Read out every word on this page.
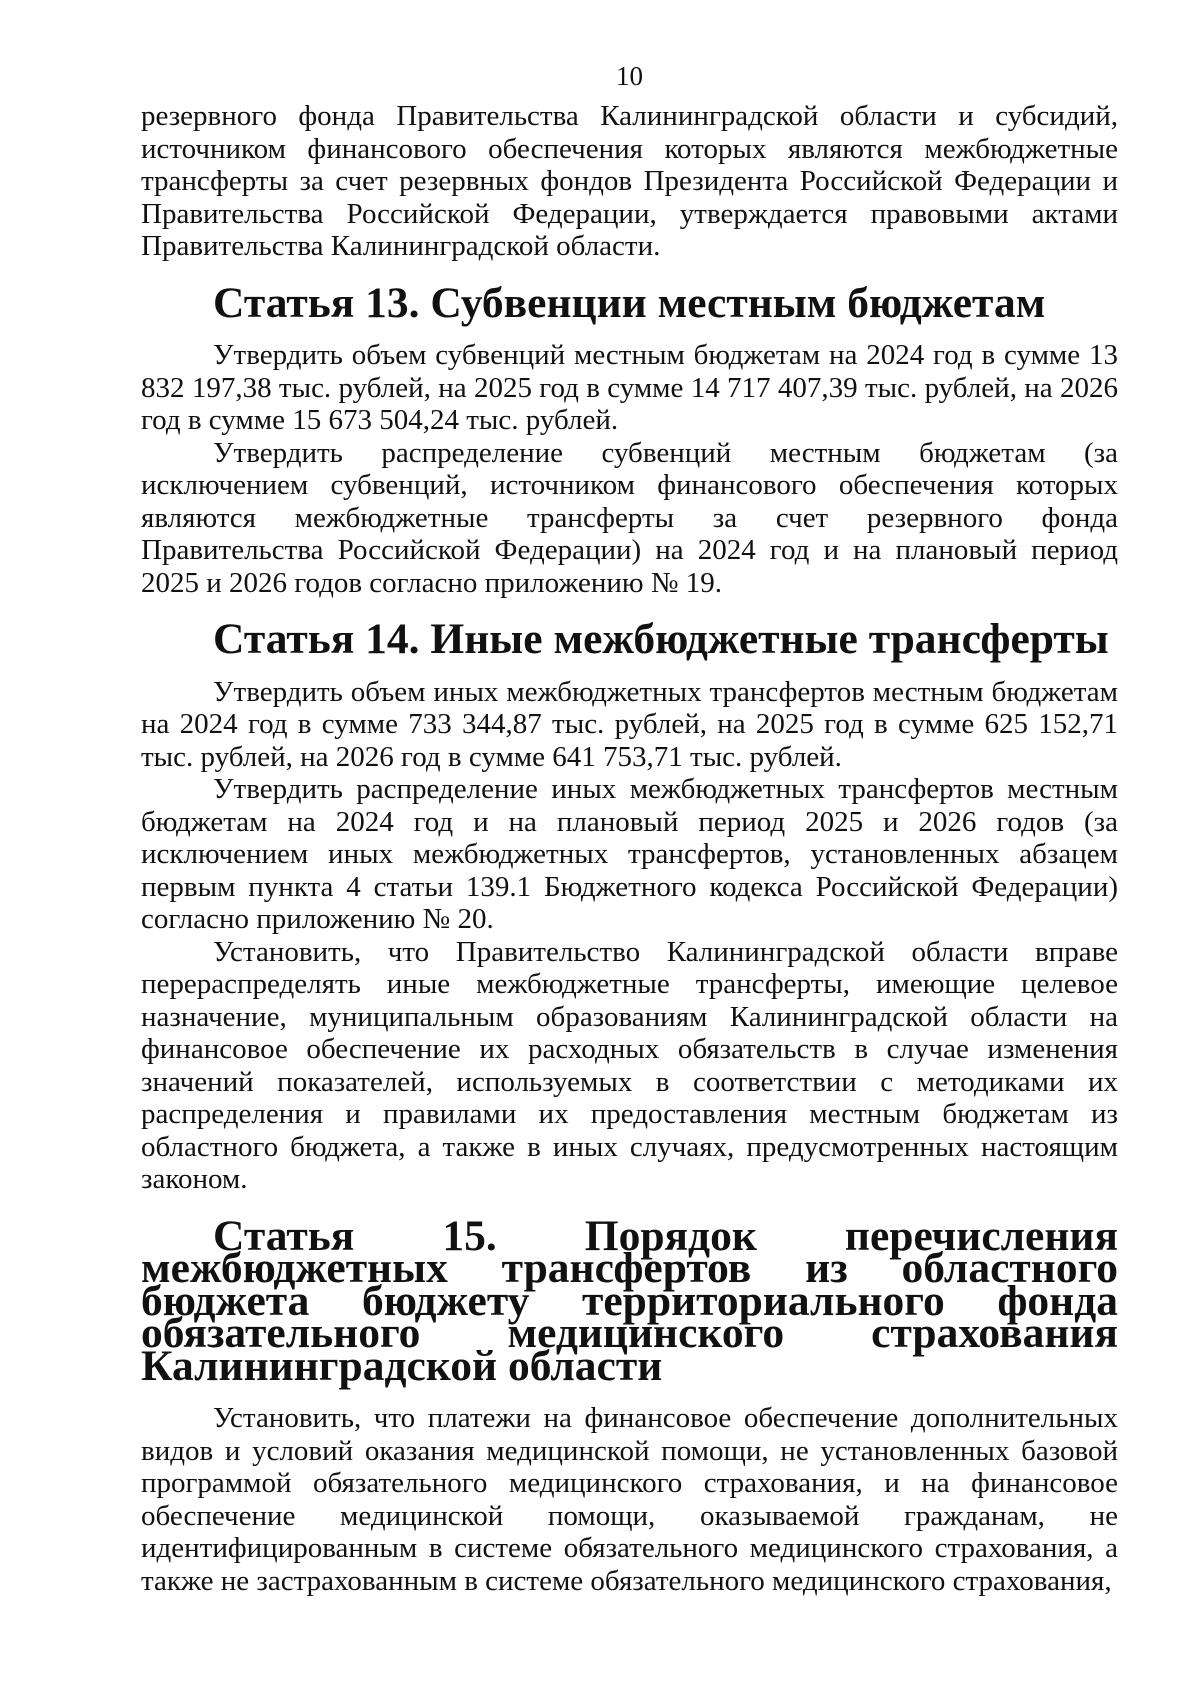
10

резервного фонда Правительства Калининградской области и субсидий, источником финансового обеспечения которых являются межбюджетные трансферты за счет резервных фондов Президента Российской Федерации и Правительства Российской Федерации, утверждается правовыми актами Правительства Калининградской области.

Статья 13. Субвенции местным бюджетам

Утвердить объем субвенций местным бюджетам на 2024 год в сумме 13 832 197,38 тыс. рублей, на 2025 год в сумме 14 717 407,39 тыс. рублей, на 2026 год в сумме 15 673 504,24 тыс. рублей.

Утвердить распределение субвенций местным бюджетам (за исключением субвенций, источником финансового обеспечения которых являются межбюджетные трансферты за счет резервного фонда Правительства Российской Федерации) на 2024 год и на плановый период 2025 и 2026 годов согласно приложению № 19.

Статья 14. Иные межбюджетные трансферты

Утвердить объем иных межбюджетных трансфертов местным бюджетам на 2024 год в сумме 733 344,87 тыс. рублей, на 2025 год в сумме 625 152,71 тыс. рублей, на 2026 год в сумме 641 753,71 тыс. рублей.

Утвердить распределение иных межбюджетных трансфертов местным бюджетам на 2024 год и на плановый период 2025 и 2026 годов (за исключением иных межбюджетных трансфертов, установленных абзацем первым пункта 4 статьи 139.1 Бюджетного кодекса Российской Федерации) согласно приложению № 20.

Установить, что Правительство Калининградской области вправе перераспределять иные межбюджетные трансферты, имеющие целевое назначение, муниципальным образованиям Калининградской области на финансовое обеспечение их расходных обязательств в случае изменения значений показателей, используемых в соответствии с методиками их распределения и правилами их предоставления местным бюджетам из областного бюджета, а также в иных случаях, предусмотренных настоящим законом.

Статья 15. Порядок перечисления межбюджетных трансфертов из областного бюджета бюджету территориального фонда обязательного медицинского страхования Калининградской области

Установить, что платежи на финансовое обеспечение дополнительных видов и условий оказания медицинской помощи, не установленных базовой программой обязательного медицинского страхования, и на финансовое обеспечение медицинской помощи, оказываемой гражданам, не идентифицированным в системе обязательного медицинского страхования, а также не застрахованным в системе обязательного медицинского страхования,
